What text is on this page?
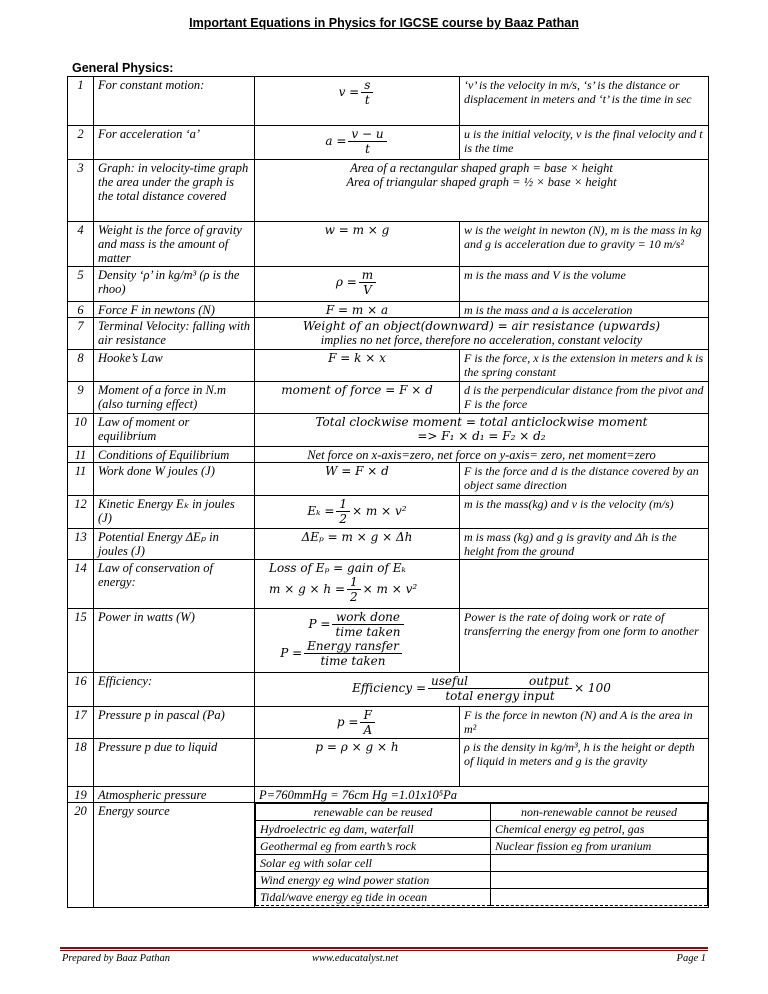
Important Equations in Physics for IGCSE course by Baaz Pathan
General Physics:
1	For constant motion:	$v = \frac{s}{t}$	‘v’ is the velocity in m/s, ‘s’ is the distance or displacement in meters and ‘t’ is the time in sec
2	For acceleration ‘a’	$a = \frac{v - u}{t}$	u is the initial velocity, v is the final velocity and t is the time
3	Graph: in velocity-time graph the area under the graph is the total distance covered	
Area of a rectangular shaped graph = base × height
Area of triangular shaped graph = ½ × base × height

4	Weight is the force of gravity and mass is the amount of matter	w = m × g	w is the weight in newton (N), m is the mass in kg and g is acceleration due to gravity = 10 m/s²
5	Density ‘ρ’ in kg/m³ (ρ is the rhoo)	$\rho = \frac{m}{V}$	m is the mass and V is the volume
6	Force F in newtons (N)	F = m × a	m is the mass and a is acceleration
7	Terminal Velocity: falling with air resistance	
Weight of an object(downward) = air resistance (upwards)
implies no net force, therefore no acceleration, constant velocity

8	Hooke’s Law	F = k × x	F is the force, x is the extension in meters and k is the spring constant
9	Moment of a force in N.m (also turning effect)	moment of force = F × d	d is the perpendicular distance from the pivot and F is the force
10	Law of moment or equilibrium	
Total clockwise moment = total anticlockwise moment
=> F₁ × d₁ = F₂ × d₂

11	Conditions of Equilibrium	Net force on x-axis=zero, net force on y-axis= zero, net moment=zero
11	Work done W joules (J)	W = F × d	F is the force and d is the distance covered by an object same direction
12	Kinetic Energy Eₖ in joules (J)	$E_k = \frac{1}{2} \times m \times v^2$	m is the mass(kg) and v is the velocity (m/s)
13	Potential Energy ΔEₚ in joules (J)	ΔEₚ = m × g × Δh	m is mass (kg) and g is gravity and Δh is the height from the ground
14	Law of conservation of energy:	
Loss of Eₚ = gain of Eₖ
$m \times g \times h = \frac{1}{2} \times m \times v^2$

15	Power in watts (W)	$P = \frac{\text{work done}}{\text{time taken}}$
$P = \frac{\text{Energy ransfer}}{\text{time taken}}$
	Power is the rate of doing work or rate of transferring the energy from one form to another
16	Efficiency:	Efficiency = $\frac{\text{useful                output}}{\text{total energy input}} \times 100$
17	Pressure p in pascal (Pa)	$p = \frac{F}{A}$	F is the force in newton (N) and A is the area in m²
18	Pressure p due to liquid	p = ρ × g × h	ρ is the density in kg/m³, h is the height or depth of liquid in meters and g is the gravity
19	Atmospheric pressure	P=760mmHg = 76cm Hg =1.01x10⁵Pa
20	Energy source		renewable can be reused	non-renewable cannot be reused
Hydroelectric eg dam, waterfall	Chemical energy eg petrol, gas
Geothermal eg from earth’s rock	Nuclear fission eg from uranium
Solar eg with solar cell	
Wind energy eg wind power station	
Tidal/wave energy eg tide in ocean	
Prepared by Baaz Pathan	www.educatalyst.net	Page 1
